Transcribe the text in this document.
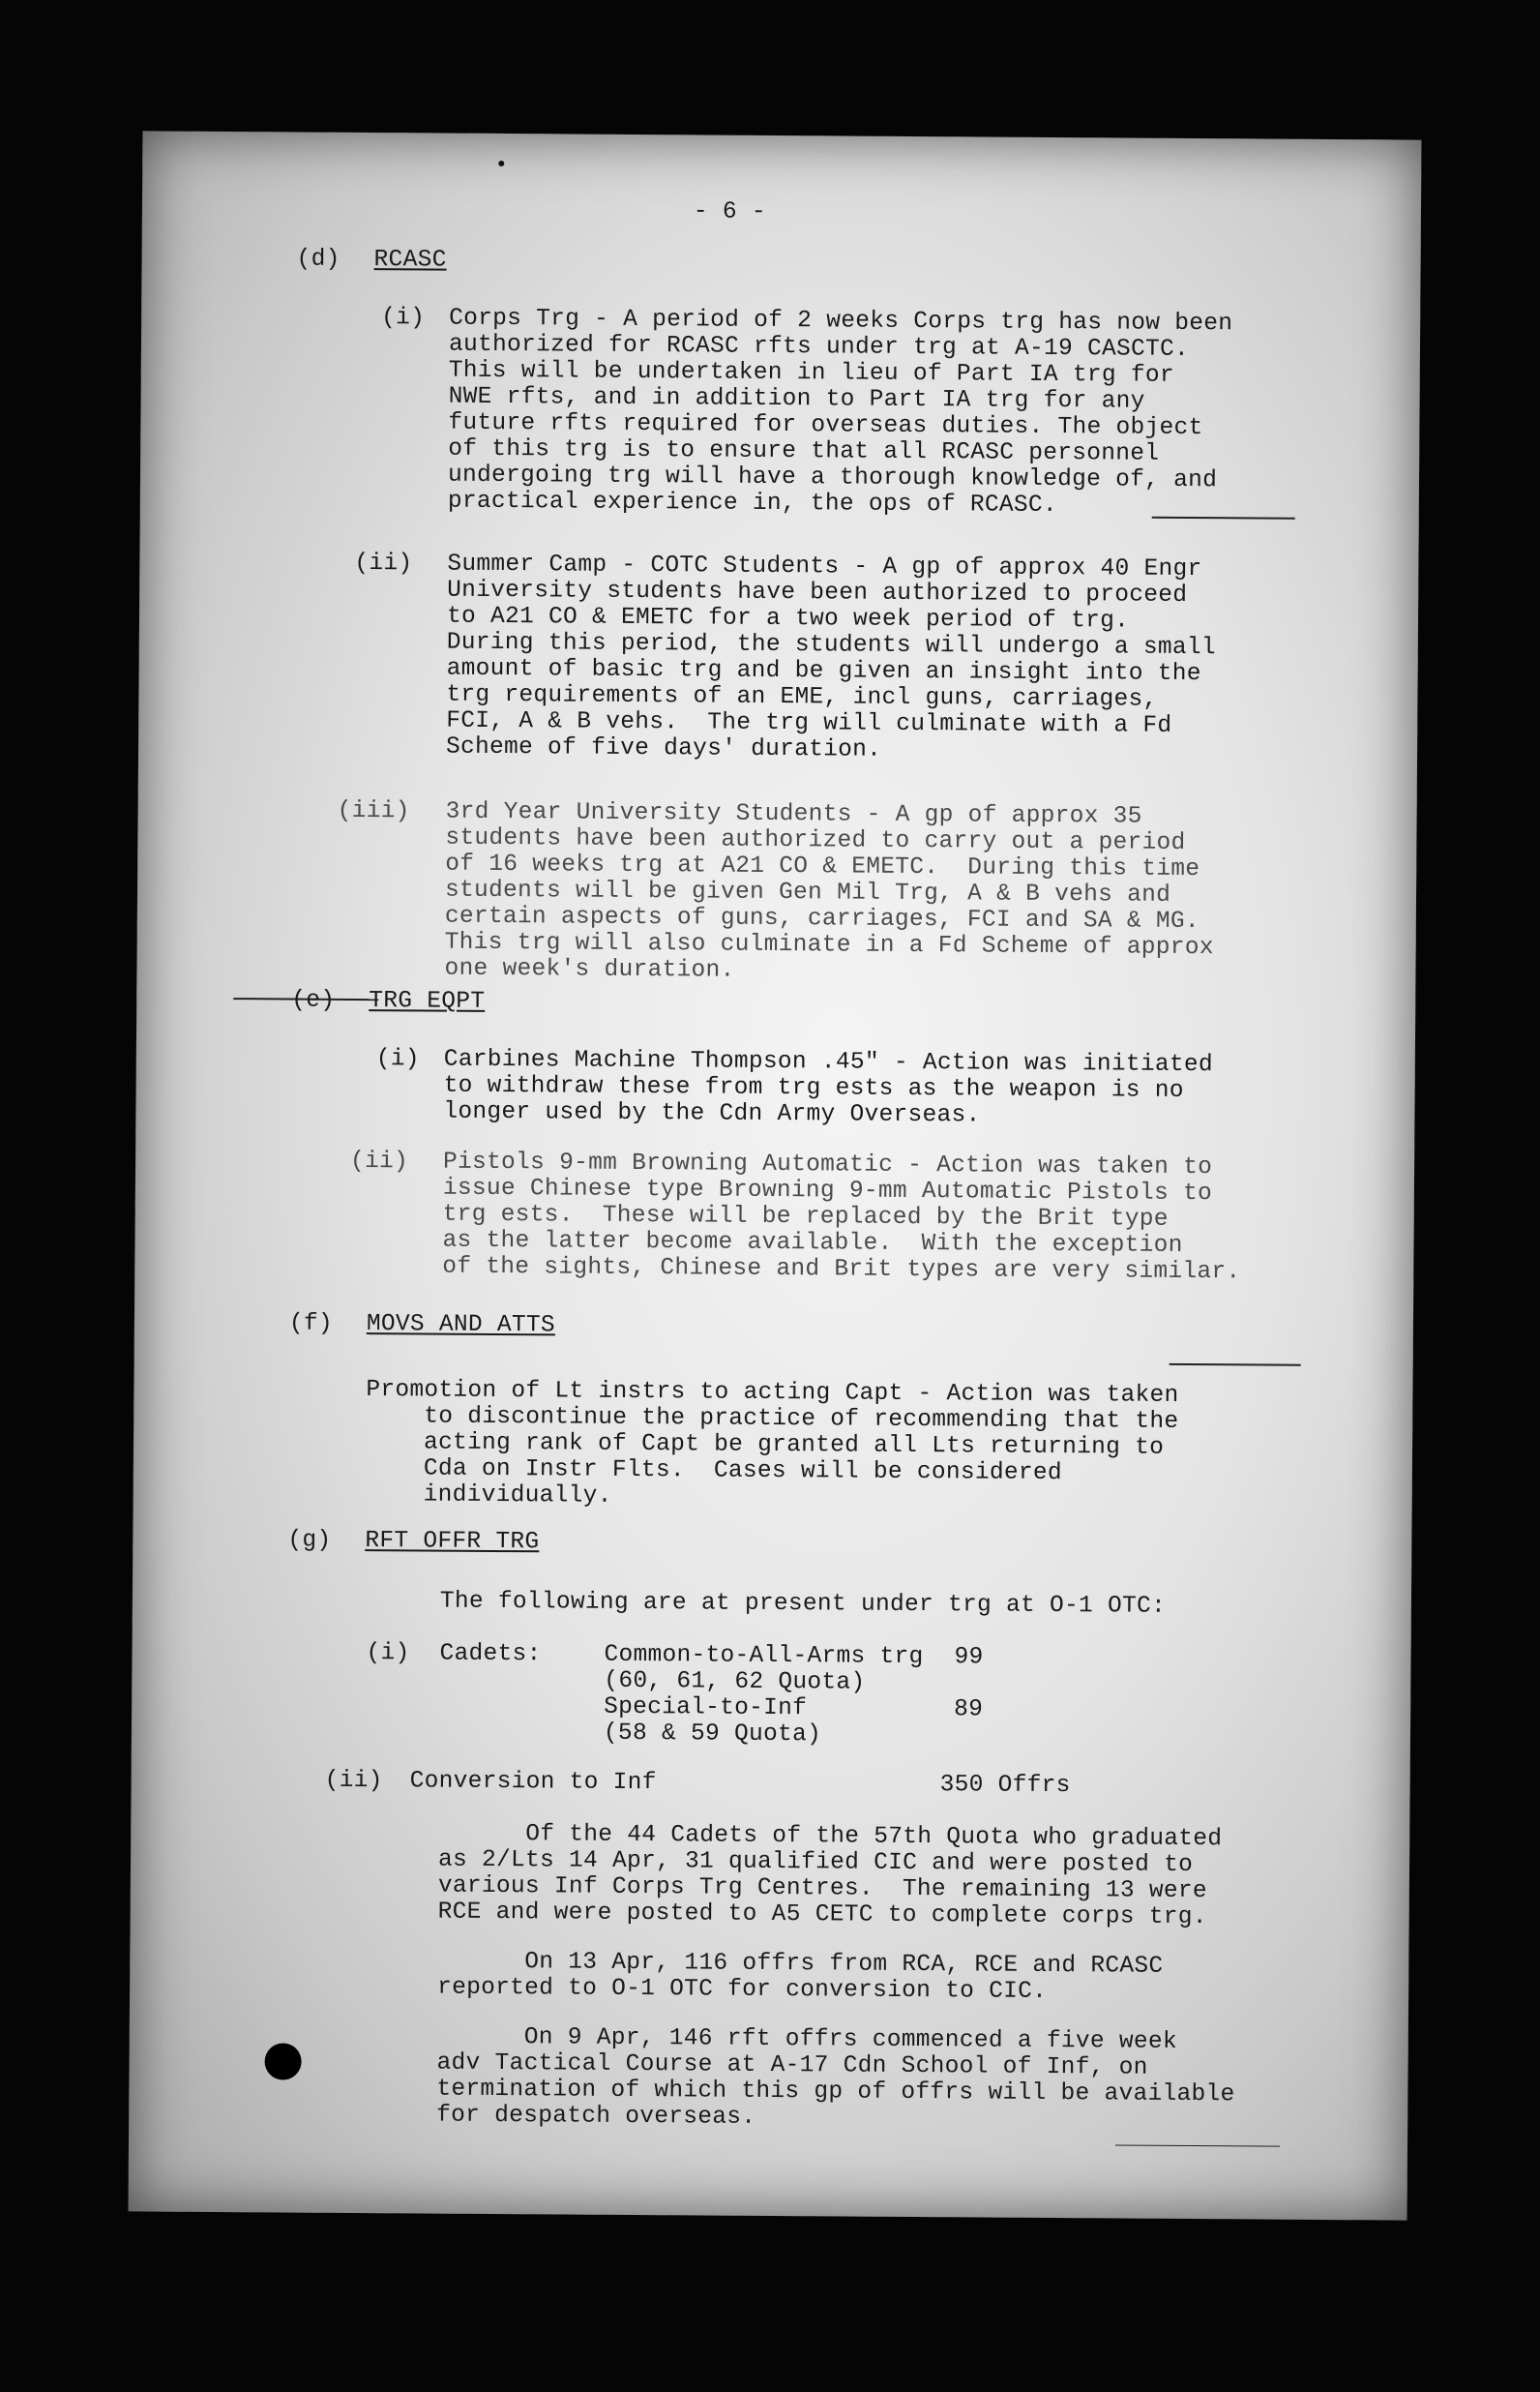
- 6 -
(d) RCASC
(i) Corps Trg - A period of 2 weeks Corps trg has now been
authorized for RCASC rfts under trg at A-19 CASCTC.
This will be undertaken in lieu of Part IA trg for
NWE rfts, and in addition to Part IA trg for any
future rfts required for overseas duties. The object
of this trg is to ensure that all RCASC personnel
undergoing trg will have a thorough knowledge of, and
practical experience in, the ops of RCASC.
(ii) Summer Camp - COTC Students - A gp of approx 40 Engr
University students have been authorized to proceed
to A21 CO & EMETC for a two week period of trg.
During this period, the students will undergo a small
amount of basic trg and be given an insight into the
trg requirements of an EME, incl guns, carriages,
FCI, A & B vehs.  The trg will culminate with a Fd
Scheme of five days' duration.
(iii) 3rd Year University Students - A gp of approx 35
students have been authorized to carry out a period
of 16 weeks trg at A21 CO & EMETC.  During this time
students will be given Gen Mil Trg, A & B vehs and
certain aspects of guns, carriages, FCI and SA & MG.
This trg will also culminate in a Fd Scheme of approx
one week's duration.
(e) TRG EQPT
(i) Carbines Machine Thompson .45" - Action was initiated
to withdraw these from trg ests as the weapon is no
longer used by the Cdn Army Overseas.
(ii) Pistols 9-mm Browning Automatic - Action was taken to
issue Chinese type Browning 9-mm Automatic Pistols to
trg ests.  These will be replaced by the Brit type
as the latter become available.  With the exception
of the sights, Chinese and Brit types are very similar.
(f) MOVS AND ATTS
Promotion of Lt instrs to acting Capt - Action was taken
to discontinue the practice of recommending that the
acting rank of Capt be granted all Lts returning to
Cda on Instr Flts.  Cases will be considered
individually.
(g) RFT OFFR TRG
The following are at present under trg at O-1 OTC:
(i) Cadets:	Common-to-All-Arms trg
(60, 61, 62 Quota)
99
Special-to-Inf
(58 & 59 Quota)
89
(ii) Conversion to Inf	350 Offrs
Of the 44 Cadets of the 57th Quota who graduated
as 2/Lts 14 Apr, 31 qualified CIC and were posted to
various Inf Corps Trg Centres.  The remaining 13 were
RCE and were posted to A5 CETC to complete corps trg.
On 13 Apr, 116 offrs from RCA, RCE and RCASC
reported to O-1 OTC for conversion to CIC.
On 9 Apr, 146 rft offrs commenced a five week
adv Tactical Course at A-17 Cdn School of Inf, on
termination of which this gp of offrs will be available
for despatch overseas.
